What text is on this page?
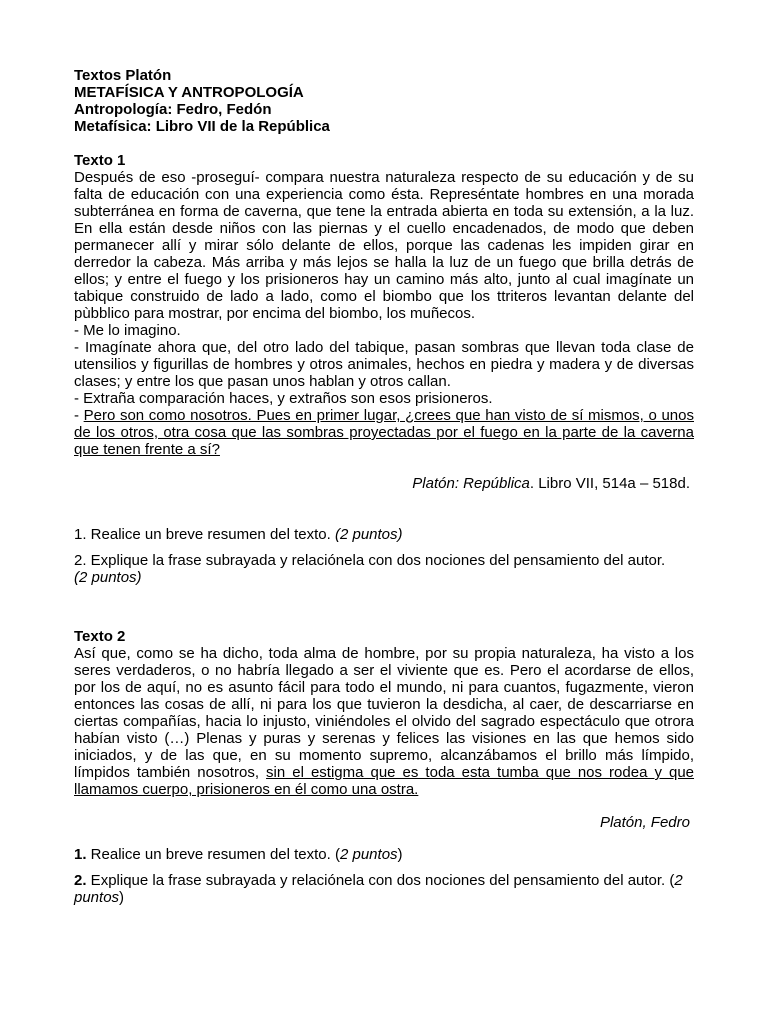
Textos Platón
METAFÍSICA Y ANTROPOLOGÍA
Antropología: Fedro, Fedón
Metafísica: Libro VII de la República
Texto 1
Después de eso -proseguí- compara nuestra naturaleza respecto de su educación y de su falta de educación con una experiencia como ésta. Represéntate hombres en una morada subterránea en forma de caverna, que tene la entrada abierta en toda su extensión, a la luz. En ella están desde niños con las piernas y el cuello encadenados, de modo que deben permanecer allí y mirar sólo delante de ellos, porque las cadenas les impiden girar en derredor la cabeza. Más arriba y más lejos se halla la luz de un fuego que brilla detrás de ellos; y entre el fuego y los prisioneros hay un camino más alto, junto al cual imagínate un tabique construido de lado a lado, como el biombo que los ttriteros levantan delante del pùbblico para mostrar, por encima del biombo, los muñecos.
- Me lo imagino.
- Imagínate ahora que, del otro lado del tabique, pasan sombras que llevan toda clase de utensilios y figurillas de hombres y otros animales, hechos en piedra y madera y de diversas clases; y entre los que pasan unos hablan y otros callan.
- Extraña comparación haces, y extraños son esos prisioneros.
- Pero son como nosotros. Pues en primer lugar, ¿crees que han visto de sí mismos, o unos de los otros, otra cosa que las sombras proyectadas por el fuego en la parte de la caverna que tenen frente a sí?
Platón: República. Libro VII, 514a – 518d.
1. Realice un breve resumen del texto. (2 puntos)
2. Explique la frase subrayada y relaciónela con dos nociones del pensamiento del autor.
(2 puntos)
Texto 2
Así que, como se ha dicho, toda alma de hombre, por su propia naturaleza, ha visto a los seres verdaderos, o no habría llegado a ser el viviente que es. Pero el acordarse de ellos, por los de aquí, no es asunto fácil para todo el mundo, ni para cuantos, fugazmente, vieron entonces las cosas de allí, ni para los que tuvieron la desdicha, al caer, de descarriarse en ciertas compañías, hacia lo injusto, viniéndoles el olvido del sagrado espectáculo que otrora habían visto (…) Plenas y puras y serenas y felices las visiones en las que hemos sido iniciados, y de las que, en su momento supremo, alcanzábamos el brillo más límpido, límpidos también nosotros, sin el estigma que es toda esta tumba que nos rodea y que llamamos cuerpo, prisioneros en él como una ostra.
Platón, Fedro
1. Realice un breve resumen del texto. (2 puntos)
2. Explique la frase subrayada y relaciónela con dos nociones del pensamiento del autor. (2 puntos)
